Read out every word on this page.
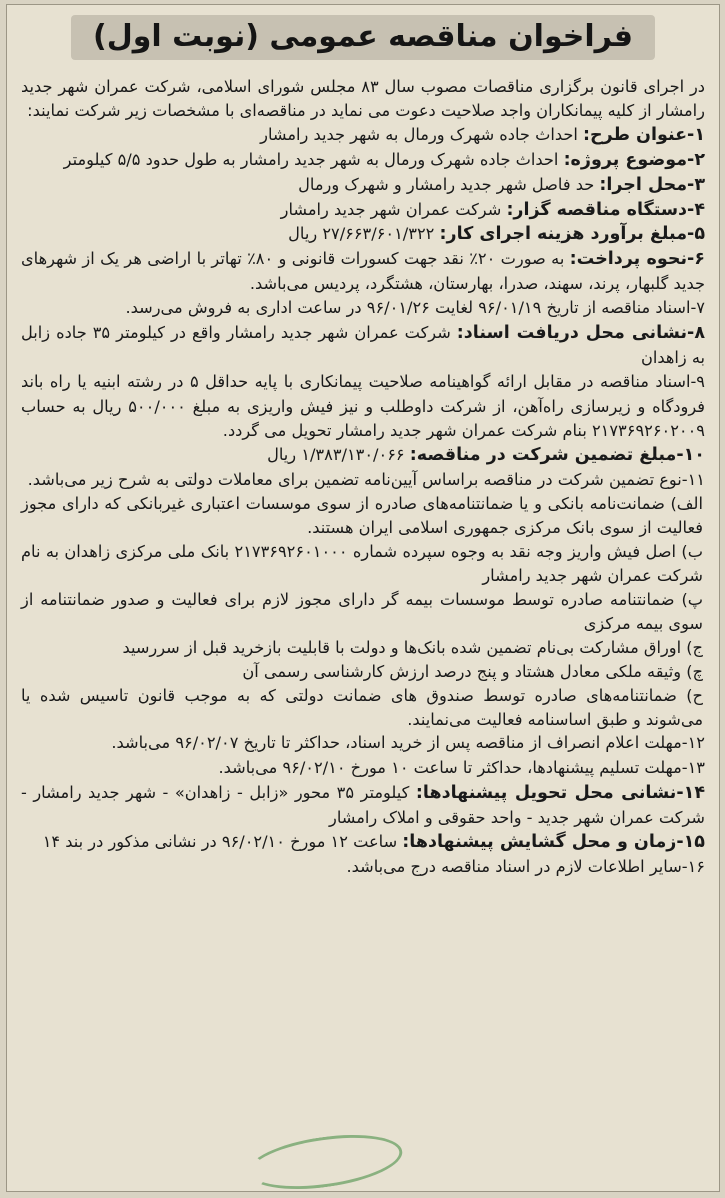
فراخوان مناقصه عمومی (نوبت اول)

در اجرای قانون برگزاری مناقصات مصوب سال ۸۳ مجلس شورای اسلامی، شرکت عمران شهر جدید رامشار از کلیه پیمانکاران واجد صلاحیت دعوت می نماید در مناقصه‌ای با مشخصات زیر شرکت نمایند:

۱-عنوان طرح: احداث جاده شهرک ورمال به شهر جدید رامشار

۲-موضوع پروژه: احداث جاده شهرک ورمال به شهر جدید رامشار به طول حدود ۵/۵ کیلومتر

۳-محل اجرا: حد فاصل شهر جدید رامشار و شهرک ورمال

۴-دستگاه مناقصه گزار: شرکت عمران شهر جدید رامشار

۵-مبلغ برآورد هزینه اجرای کار: ۲۷/۶۶۳/۶۰۱/۳۲۲ ریال

۶-نحوه پرداخت: به صورت ۲۰٪ نقد جهت کسورات قانونی و ۸۰٪ تهاتر با اراضی هر یک از شهرهای جدید گلبهار، پرند، سهند، صدرا، بهارستان، هشتگرد، پردیس می‌باشد.

۷-اسناد مناقصه از تاریخ ۹۶/۰۱/۱۹ لغایت ۹۶/۰۱/۲۶ در ساعت اداری به فروش می‌رسد.

۸-نشانی محل دریافت اسناد: شرکت عمران شهر جدید رامشار واقع در کیلومتر ۳۵ جاده زابل به زاهدان

۹-اسناد مناقصه در مقابل ارائه گواهینامه صلاحیت پیمانکاری با پایه حداقل ۵ در رشته ابنیه یا راه باند فرودگاه و زیرسازی راه‌آهن، از شرکت داوطلب و نیز فیش واریزی به مبلغ ۵۰۰/۰۰۰ ریال به حساب ۲۱۷۳۶۹۲۶۰۲۰۰۹ بنام شرکت عمران شهر جدید رامشار تحویل می گردد.

۱۰-مبلغ تضمین شرکت در مناقصه: ۱/۳۸۳/۱۳۰/۰۶۶ ریال

۱۱-نوع تضمین شرکت در مناقصه براساس آیین‌نامه تضمین برای معاملات دولتی به شرح زیر می‌باشد.

الف) ضمانت‌نامه بانکی و یا ضمانتنامه‌های صادره از سوی موسسات اعتباری غیربانکی که دارای مجوز فعالیت از سوی بانک مرکزی جمهوری اسلامی ایران هستند.

ب) اصل فیش واریز وجه نقد به وجوه سپرده شماره ۲۱۷۳۶۹۲۶۰۱۰۰۰ بانک ملی مرکزی زاهدان به نام شرکت عمران شهر جدید رامشار

پ) ضمانتنامه صادره توسط موسسات بیمه گر دارای مجوز لازم برای فعالیت و صدور ضمانتنامه از سوی بیمه مرکزی

ج) اوراق مشارکت بی‌نام تضمین شده بانک‌ها و دولت با قابلیت بازخرید قبل از سررسید

چ) وثیقه ملکی معادل هشتاد و پنج درصد ارزش کارشناسی رسمی آن

ح) ضمانتنامه‌های صادره توسط صندوق های ضمانت دولتی که به موجب قانون تاسیس شده یا می‌شوند و طبق اساسنامه فعالیت می‌نمایند.

۱۲-مهلت اعلام انصراف از مناقصه پس از خرید اسناد، حداکثر تا تاریخ ۹۶/۰۲/۰۷ می‌باشد.

۱۳-مهلت تسلیم پیشنهادها، حداکثر تا ساعت ۱۰ مورخ ۹۶/۰۲/۱۰ می‌باشد.

۱۴-نشانی محل تحویل پیشنهادها: کیلومتر ۳۵ محور «زابل - زاهدان» - شهر جدید رامشار - شرکت عمران شهر جدید - واحد حقوقی و املاک رامشار

۱۵-زمان و محل گشایش پیشنهادها: ساعت ۱۲ مورخ ۹۶/۰۲/۱۰ در نشانی مذکور در بند ۱۴

۱۶-سایر اطلاعات لازم در اسناد مناقصه درج می‌باشد.
